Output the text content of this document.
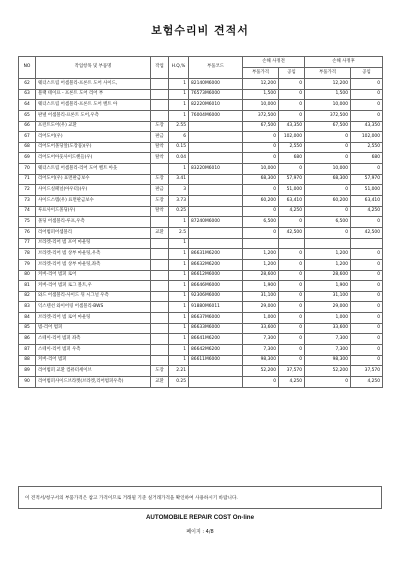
보험수리비 견적서
NO	작업항목 및 부품명	작업	H.Q,%	부품코드	손해 사정전		손해 사정후	
					부품가격	공임	부품가격	공임
62	웨더스트립 어셈블리-프론트 도어 사이드,		1	82140M6000	12,200	0	12,200	0
63	블랙 테이프 - 프론트 도어 리어 부		1	76573M6000	1,500	0	1,500	0
64	웨더스트립 어셈블리-프론트 도어 벨트 아		1	82220M6010	10,000	0	10,000	0
65	판넬 어셈블리-프론트 도어,우측		1	76004M6000	372,500	0	372,500	0
66	프런트도어(우) 교환	도장	2.55		67,500	43,350	67,500	43,350
67	리어도어(우)	판금	6		0	102,000	0	102,000
68	리어도어몰딩앞(도장품)(우)	탈착	0.15		0	2,550	0	2,550
69	리어도어아웃사이드핸들(우)	탈착	0.04		0	680	0	680
70	웨더스트립 어셈블리-리어 도어 벨트 아웃		1	83220M6010	10,000	0	10,000	0
71	리어도어(우) 표면판금보수	도장	3.41		68,300	57,970	68,300	57,970
72	사이드실패널(아우터)(우)	판금	3		0	51,000	0	51,000
73	사이드스텝(우) 표면판금보수	도장	3.73		60,200	63,410	60,200	63,410
74	루프사이드몰딩(우)	탈착	0.25		0	4,250	0	4,250
75	몰딩 어셈블리-루프,우측		1	87240M6000	6,500	0	6,500	0
76	리어범퍼어셈블리	교환	2.5		0	42,500	0	42,500
77	브라켓-리어 범 포어 마운팅		1					
78	브라켓-리어 범 상부 마운팅,우측		1	86631M6200	1,200	0	1,200	0
79	브라켓-리어 범 상부 마운팅,좌측		1	86632M6200	1,200	0	1,200	0
80	커버-리어 범퍼 로어		1	86612M6000	28,600	0	28,600	0
81	커버-리어 범퍼 로그 볼트,우		1	86646M6000	1,900	0	1,900	0
82	와드 어셈블리-사이드 뒤 시그널 우측		1	92306M6000	31,100	0	31,100	0
83	익스텐션 와이어링 어셈블리-BWS		1	91880M6011	29,000	0	29,000	0
84	브라켓-리어 범 로어 마운팅		1	86637M6000	1,000	0	1,000	0
85	범-리어 범퍼		1	86633M6000	33,600	0	33,600	0
86	스테이-리어 범퍼 좌측		1	86641M6200	7,300	0	7,300	0
87	스테이-리어 범퍼 우측		1	86642M6200	7,300	0	7,300	0
88	커버-리어 범퍼		1	86611M6000	98,300	0	98,300	0
89	리어범퍼 교환 컴퓨터세이브	도장	2.21		52,200	37,570	52,200	37,570
90	리어범퍼사이드브라켓(브라켓,리어범퍼우측)	교환	0.25		0	4,250	0	4,250
이 견적서/청구서의 부품가격은 참고 가격이므로 거래될 기준 실거래가격을 확인하여 사용하시기 바랍니다.
AUTOMOBILE REPAIR COST On-line
페이지 : 4/8
